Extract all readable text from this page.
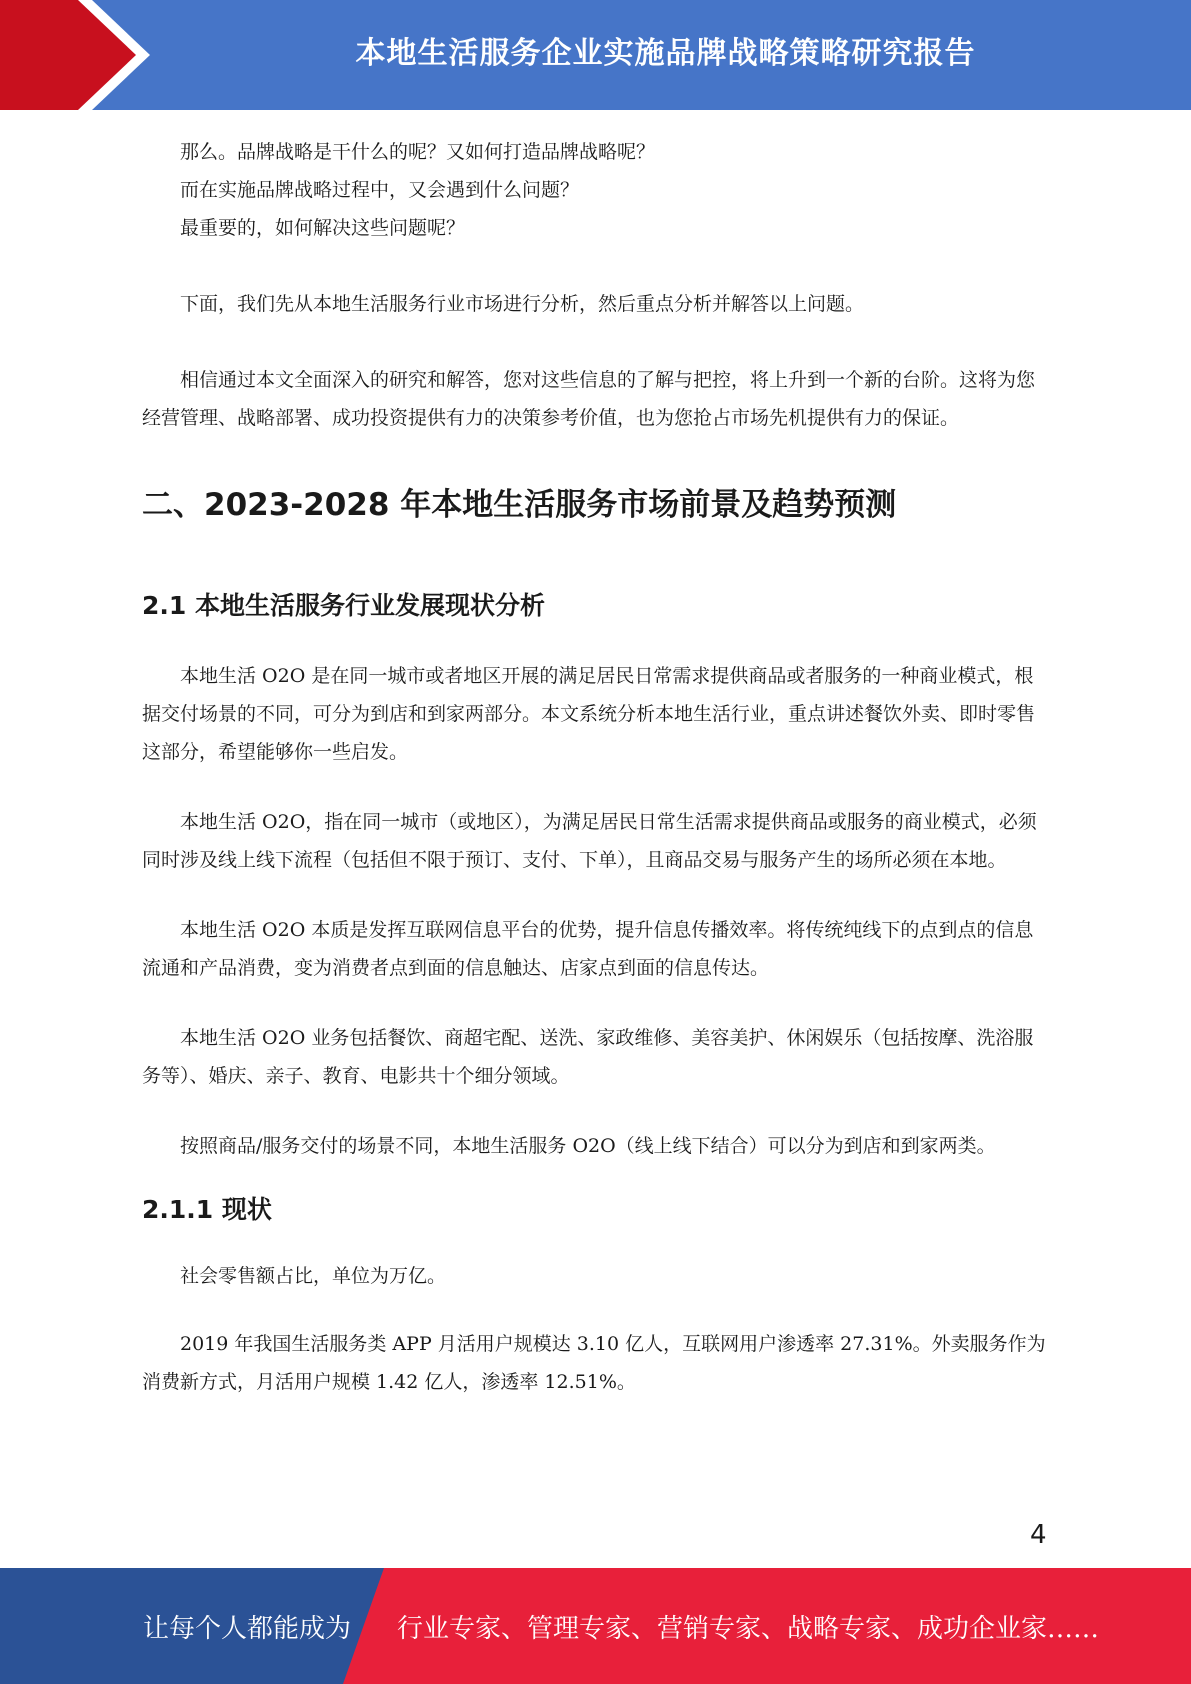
本地生活服务企业实施品牌战略策略研究报告

那么。品牌战略是干什么的呢？又如何打造品牌战略呢？

而在实施品牌战略过程中，又会遇到什么问题？

最重要的，如何解决这些问题呢？

下面，我们先从本地生活服务行业市场进行分析，然后重点分析并解答以上问题。

相信通过本文全面深入的研究和解答，您对这些信息的了解与把控，将上升到一个新的台阶。这将为您经营管理、战略部署、成功投资提供有力的决策参考价值，也为您抢占市场先机提供有力的保证。

二、2023-2028 年本地生活服务市场前景及趋势预测
2.1 本地生活服务行业发展现状分析

本地生活 O2O 是在同一城市或者地区开展的满足居民日常需求提供商品或者服务的一种商业模式，根据交付场景的不同，可分为到店和到家两部分。本文系统分析本地生活行业，重点讲述餐饮外卖、即时零售这部分，希望能够你一些启发。

本地生活 O2O，指在同一城市（或地区），为满足居民日常生活需求提供商品或服务的商业模式，必须同时涉及线上线下流程（包括但不限于预订、支付、下单），且商品交易与服务产生的场所必须在本地。

本地生活 O2O 本质是发挥互联网信息平台的优势，提升信息传播效率。将传统纯线下的点到点的信息流通和产品消费，变为消费者点到面的信息触达、店家点到面的信息传达。

本地生活 O2O 业务包括餐饮、商超宅配、送洗、家政维修、美容美护、休闲娱乐（包括按摩、洗浴服务等）、婚庆、亲子、教育、电影共十个细分领域。

按照商品/服务交付的场景不同，本地生活服务 O2O（线上线下结合）可以分为到店和到家两类。

2.1.1 现状

社会零售额占比，单位为万亿。

2019 年我国生活服务类 APP 月活用户规模达 3.10 亿人，互联网用户渗透率 27.31%。外卖服务作为消费新方式，月活用户规模 1.42 亿人，渗透率 12.51%。

4
让每个人都能成为 行业专家、管理专家、营销专家、战略专家、成功企业家……
